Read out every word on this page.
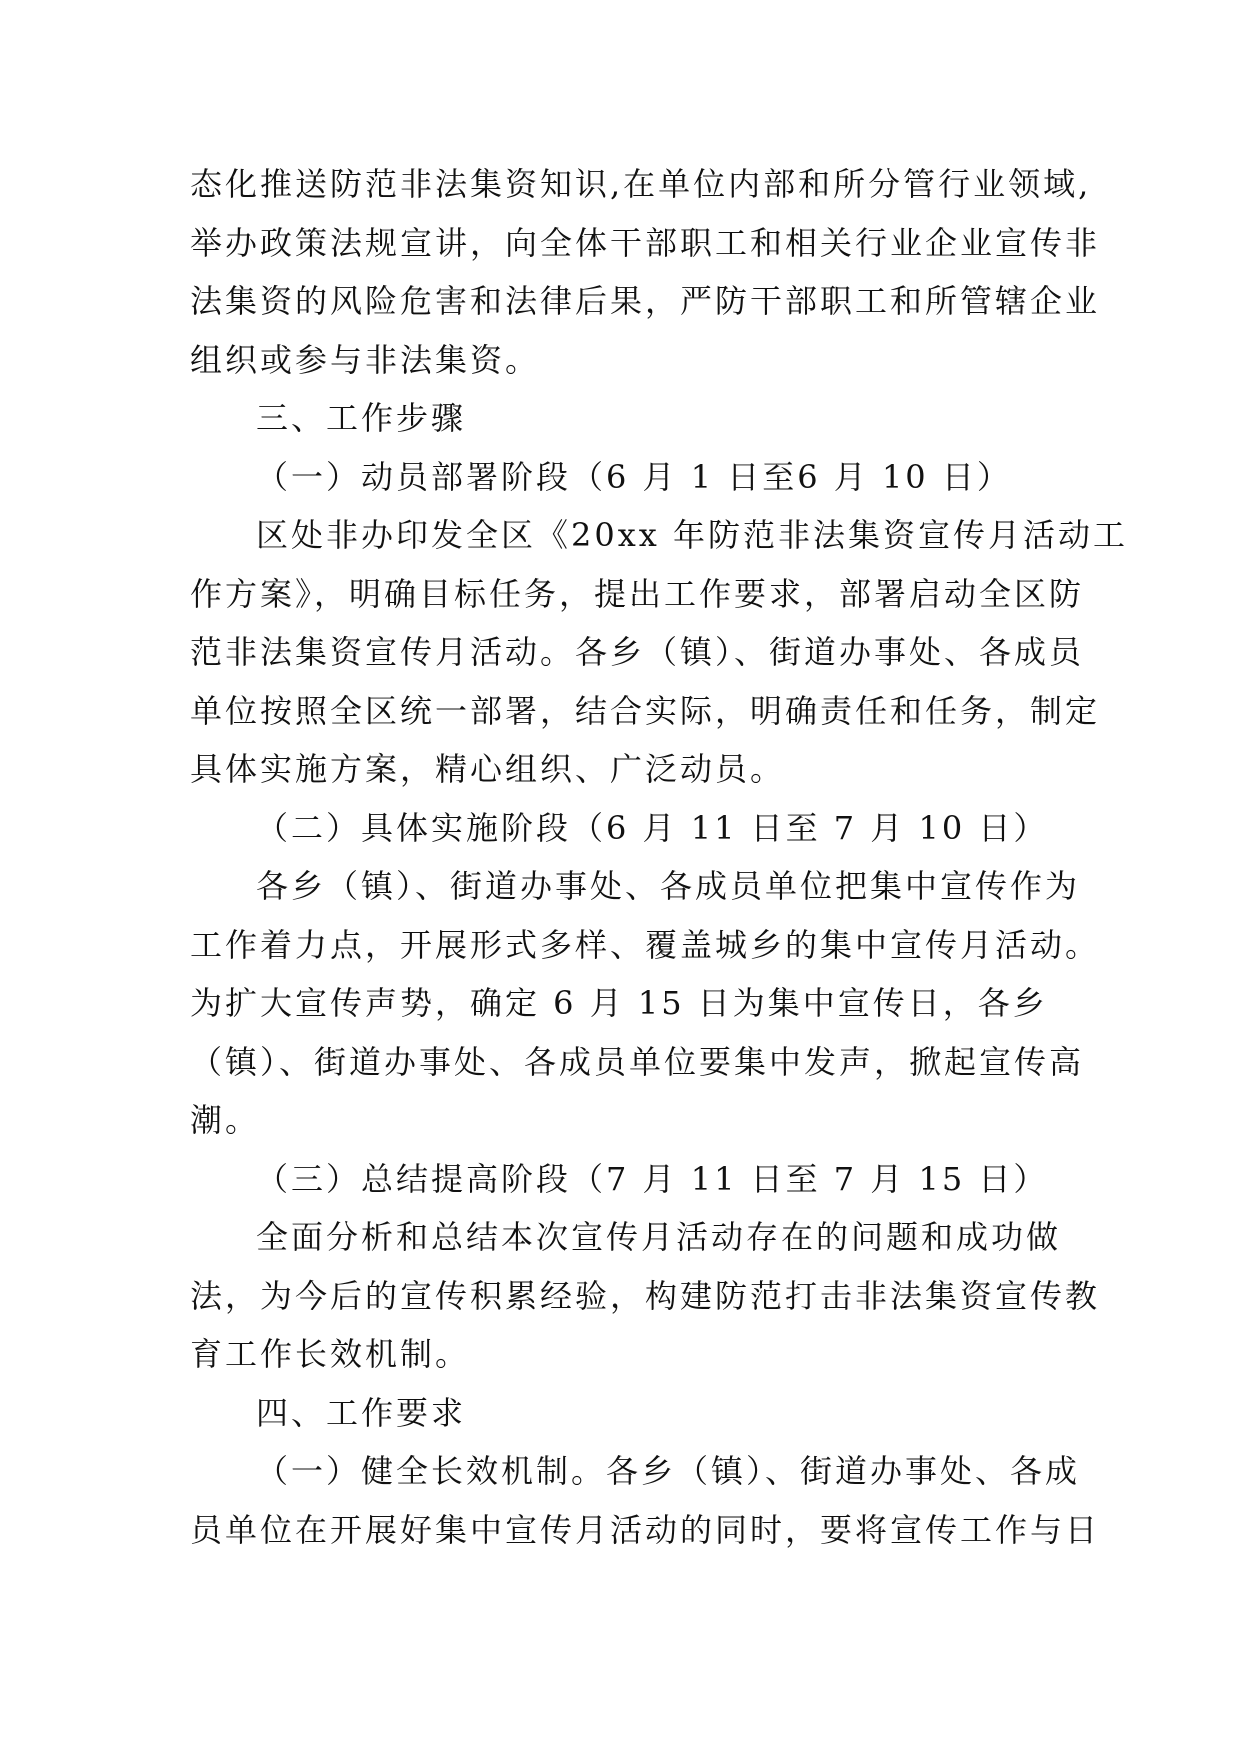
态化推送防范非法集资知识,在单位内部和所分管行业领域,
举办政策法规宣讲，向全体干部职工和相关行业企业宣传非
法集资的风险危害和法律后果，严防干部职工和所管辖企业
组织或参与非法集资。
三、工作步骤
（一）动员部署阶段（6 月 1 日至6 月 10 日）
区处非办印发全区《20xx 年防范非法集资宣传月活动工
作方案》，明确目标任务，提出工作要求，部署启动全区防
范非法集资宣传月活动。各乡（镇）、街道办事处、各成员
单位按照全区统一部署，结合实际，明确责任和任务，制定
具体实施方案，精心组织、广泛动员。
（二）具体实施阶段（6 月 11 日至 7 月 10 日）
各乡（镇）、街道办事处、各成员单位把集中宣传作为
工作着力点，开展形式多样、覆盖城乡的集中宣传月活动。
为扩大宣传声势，确定 6 月 15 日为集中宣传日，各乡
（镇）、街道办事处、各成员单位要集中发声，掀起宣传高
潮。
（三）总结提高阶段（7 月 11 日至 7 月 15 日）
全面分析和总结本次宣传月活动存在的问题和成功做
法，为今后的宣传积累经验，构建防范打击非法集资宣传教
育工作长效机制。
四、工作要求
（一）健全长效机制。各乡（镇）、街道办事处、各成
员单位在开展好集中宣传月活动的同时，要将宣传工作与日
